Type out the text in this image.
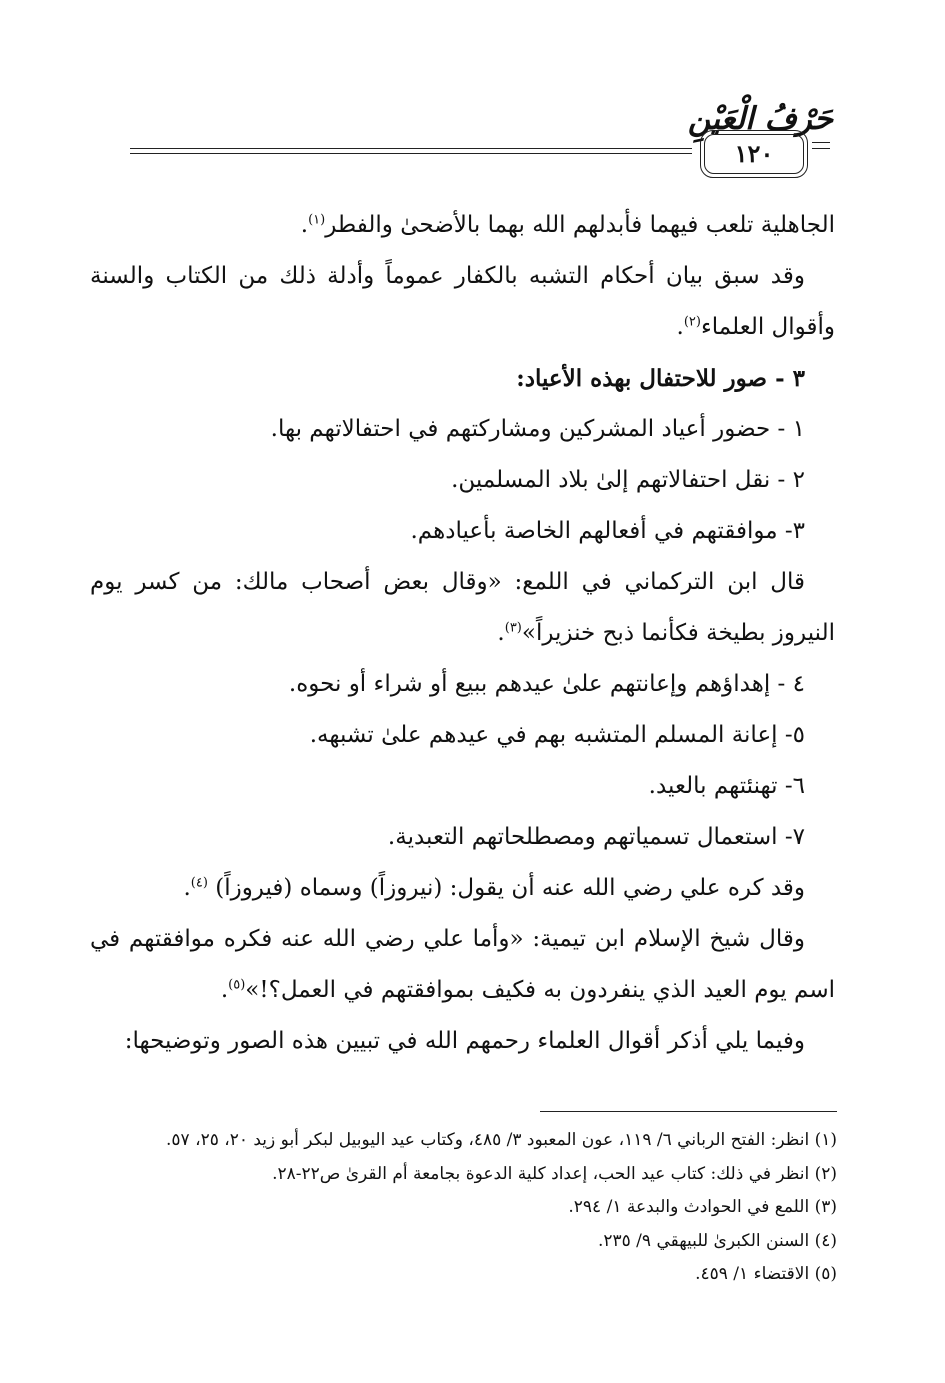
حَرْفُ الْعَيْنِ
١٢٠

الجاهلية تلعب فيهما فأبدلهم الله بهما بالأضحىٰ والفطر$^{(١)}$.

وقد سبق بيان أحكام التشبه بالكفار عموماً وأدلة ذلك من الكتاب والسنة وأقوال العلماء$^{(٢)}$.

٣ - صور للاحتفال بهذه الأعياد:

١ - حضور أعياد المشركين ومشاركتهم في احتفالاتهم بها.

٢ - نقل احتفالاتهم إلىٰ بلاد المسلمين.

٣- موافقتهم في أفعالهم الخاصة بأعيادهم.

قال ابن التركماني في اللمع: «وقال بعض أصحاب مالك: من كسر يوم النيروز بطيخة فكأنما ذبح خنزيراً»$^{(٣)}$.

٤ - إهداؤهم وإعانتهم علىٰ عيدهم ببيع أو شراء أو نحوه.

٥- إعانة المسلم المتشبه بهم في عيدهم علىٰ تشبهه.

٦- تهنئتهم بالعيد.

٧- استعمال تسمياتهم ومصطلحاتهم التعبدية.

وقد كره علي رضي الله عنه أن يقول: (نيروزاً) وسماه (فيروزاً) $^{(٤)}$.

وقال شيخ الإسلام ابن تيمية: «وأما علي رضي الله عنه فكره موافقتهم في اسم يوم العيد الذي ينفردون به فكيف بموافقتهم في العمل؟!»$^{(٥)}$.

وفيما يلي أذكر أقوال العلماء رحمهم الله في تبيين هذه الصور وتوضيحها:

(١) انظر: الفتح الرباني ٦/ ١١٩، عون المعبود ٣/ ٤٨٥، وكتاب عيد اليوبيل لبكر أبو زيد ٢٠، ٢٥، ٥٧.

(٢) انظر في ذلك: كتاب عيد الحب، إعداد كلية الدعوة بجامعة أم القرىٰ ص٢٢-٢٨.

(٣) اللمع في الحوادث والبدعة ١/ ٢٩٤.

(٤) السنن الكبرىٰ للبيهقي ٩/ ٢٣٥.

(٥) الاقتضاء ١/ ٤٥٩.
